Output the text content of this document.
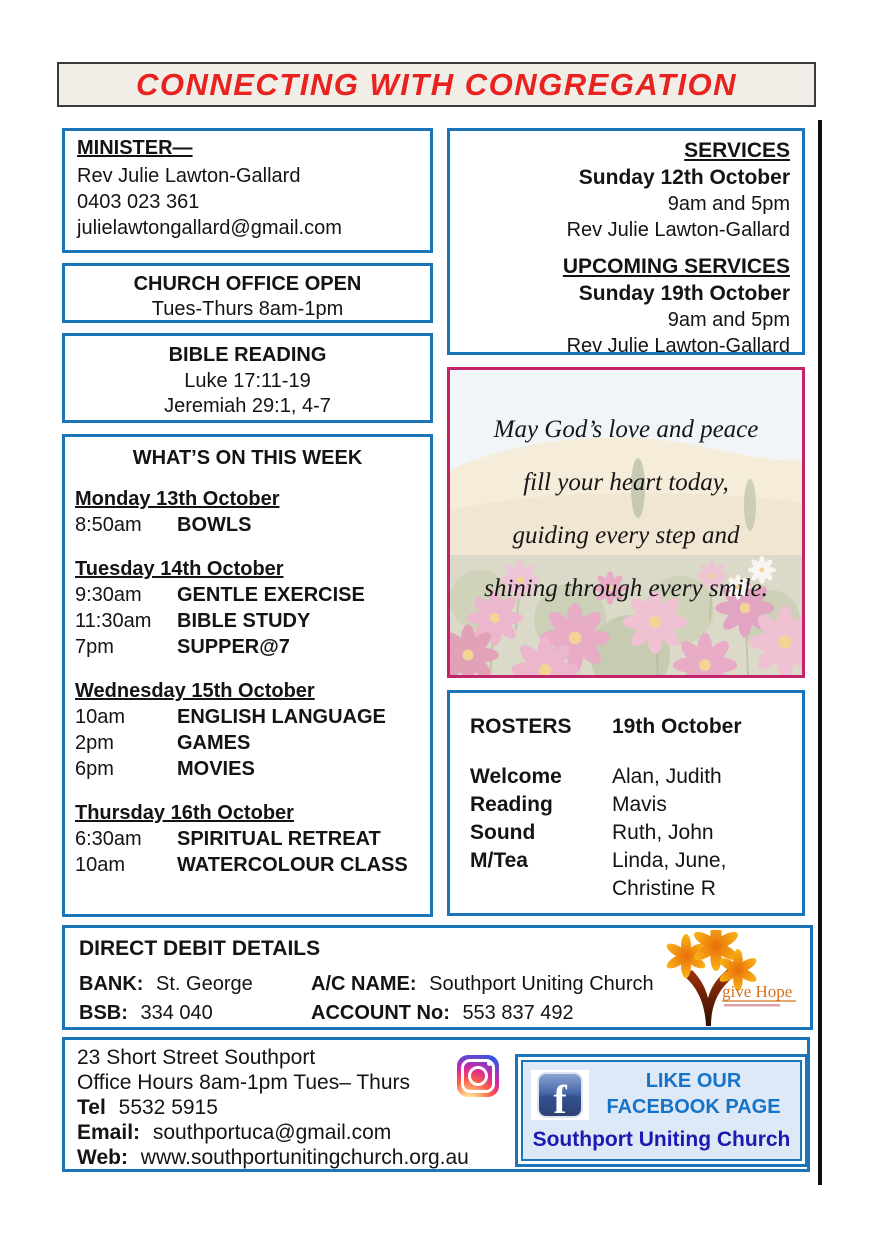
CONNECTING WITH CONGREGATION
MINISTER—
Rev Julie Lawton-Gallard
0403 023 361
julielawtongallard@gmail.com
CHURCH OFFICE OPEN
Tues-Thurs 8am-1pm
BIBLE READING
Luke 17:11-19
Jeremiah 29:1, 4-7
WHAT’S ON THIS WEEK
Monday 13th October
8:50am	BOWLS
Tuesday 14th October
9:30am	GENTLE EXERCISE
11:30am	BIBLE STUDY
7pm	SUPPER@7
Wednesday 15th October
10am	ENGLISH LANGUAGE
2pm	GAMES
6pm	MOVIES
Thursday 16th October
6:30am	SPIRITUAL RETREAT
10am	WATERCOLOUR CLASS
SERVICES
Sunday 12th October
9am and 5pm
Rev Julie Lawton-Gallard
UPCOMING SERVICES
Sunday 19th October
9am and 5pm
Rev Julie Lawton-Gallard
May God’s love and peace
fill your heart today,
guiding every step and
shining through every smile.
ROSTERS	19th October
Welcome	Alan, Judith
Reading	Mavis
Sound	Ruth, John
M/Tea	Linda, June,
Christine R
DIRECT DEBIT DETAILS
BANK: St. George	A/C NAME: Southport Uniting Church
BSB: 334 040	ACCOUNT No: 553 837 492
give Hope
23 Short Street Southport
Office Hours 8am-1pm Tues– Thurs
Tel 5532 5915
Email: southportuca@gmail.com
Web: www.southportunitingchurch.org.au
f	LIKE OUR
FACEBOOK PAGE
Southport Uniting Church
